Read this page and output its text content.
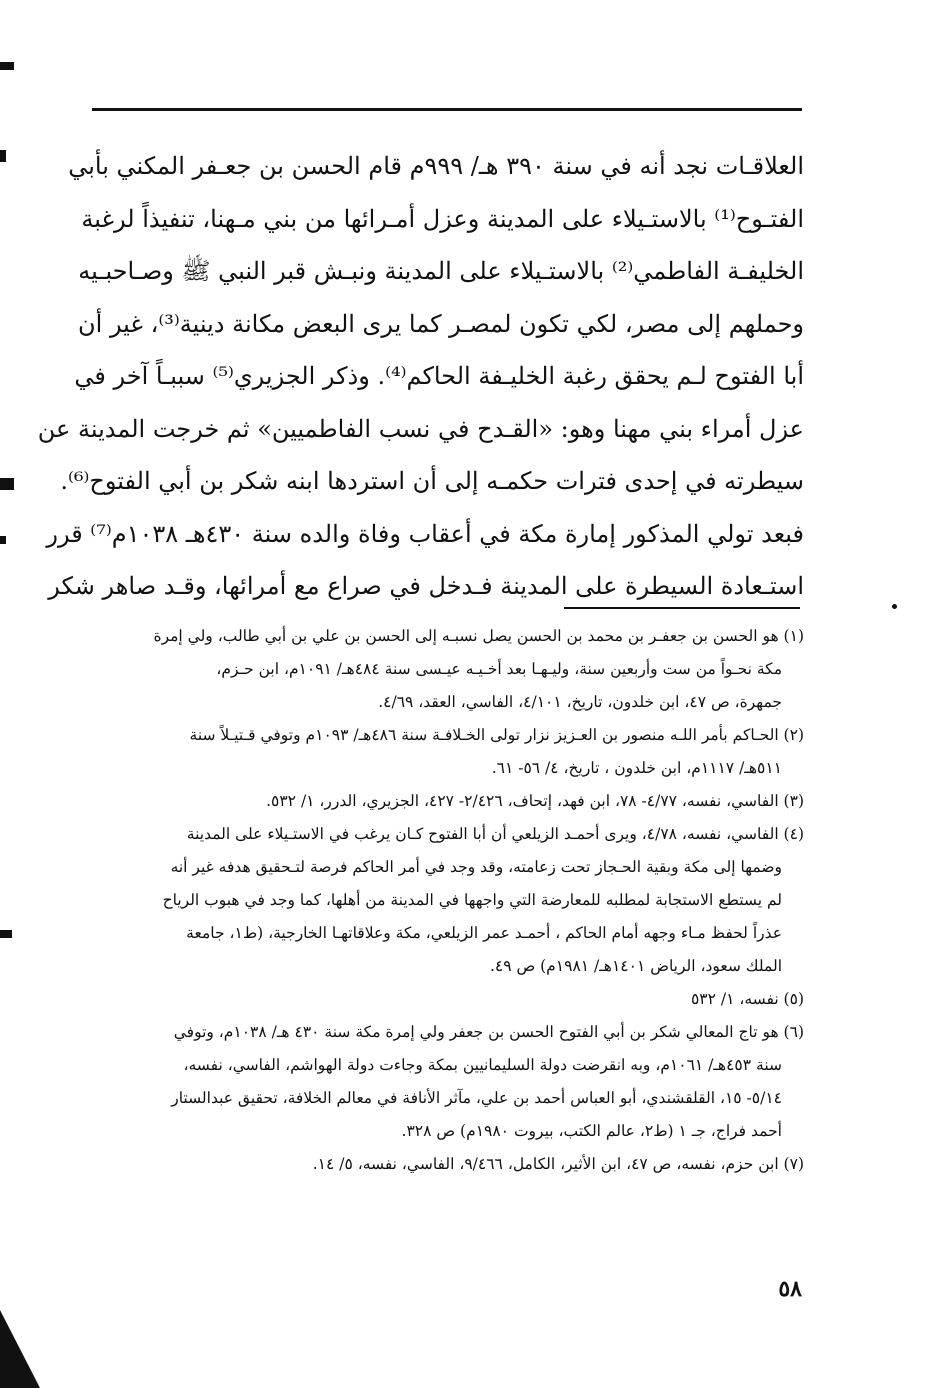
العلاقـات نجد أنه في سنة ٣٩٠ هـ/ ٩٩٩م قام الحسن بن جعـفر المكني بأبي
الفتـوح⁽¹⁾ بالاستـيلاء على المدينة وعزل أمـرائها من بني مـهنا، تنفيذاً لرغبة
الخليفـة الفاطمي⁽²⁾ بالاستـيلاء على المدينة ونبـش قبر النبي ﷺ وصـاحبـيه
وحملهم إلى مصر، لكي تكون لمصـر كما يرى البعض مكانة دينية⁽³⁾، غير أن
أبا الفتوح لـم يحقق رغبة الخليـفة الحاكم⁽⁴⁾. وذكر الجزيري⁽⁵⁾ سببـاً آخر في
عزل أمراء بني مهنا وهو: «القـدح في نسب الفاطميين» ثم خرجت المدينة عن
سيطرته في إحدى فترات حكمـه إلى أن استردها ابنه شكر بن أبي الفتوح⁽⁶⁾.
فبعد تولي المذكور إمارة مكة في أعقاب وفاة والده سنة ٤٣٠هـ ١٠٣٨م⁽⁷⁾ قرر
استـعادة السيطرة على المدينة فـدخل في صراع مع أمرائها، وقـد صاهر شكر
(١) هو الحسن بن جعفـر بن محمد بن الحسن يصل نسبـه إلى الحسن بن علي بن أبي طالب، ولي إمرة
مكة نحـواً من ست وأربعين سنة، وليـهـا بعد أخـيـه عيـسى سنة ٤٨٤هـ/ ١٠٩١م، ابن حـزم،
جمهرة، ص ٤٧، ابن خلدون، تاريخ، ٤/١٠١، الفاسي، العقد، ٤/٦٩.
(٢) الحـاكم بأمر اللـه منصور بن العـزيز نزار تولى الخـلافـة سنة ٤٨٦هـ/ ١٠٩٣م وتوفي قـتيـلاً سنة
٥١١هـ/ ١١١٧م، ابن خلدون ، تاريخ، ٤/ ٥٦- ٦١.
(٣) الفاسي، نفسه، ٤/٧٧- ٧٨، ابن فهد، إتحاف، ٢/٤٢٦- ٤٢٧، الجزيري، الدرر، ١/ ٥٣٢.
(٤) الفاسي، نفسه، ٤/٧٨، ويرى أحمـد الزيلعي أن أبا الفتوح كـان يرغب في الاستـيلاء على المدينة
وضمها إلى مكة وبقية الحـجاز تحت زعامته، وقد وجد في أمر الحاكم فرصة لتـحقيق هدفه غير أنه
لم يستطع الاستجابة لمطلبه للمعارضة التي واجهها في المدينة من أهلها، كما وجد في هبوب الرياح
عذراً لحفظ مـاء وجهه أمام الحاكم ، أحمـد عمر الزيلعي، مكة وعلاقاتهـا الخارجية، (ط١، جامعة
الملك سعود، الرياض ١٤٠١هـ/ ١٩٨١م) ص ٤٩.
(٥) نفسه، ١/ ٥٣٢
(٦) هو تاج المعالي شكر بن أبي الفتوح الحسن بن جعفر ولي إمرة مكة سنة ٤٣٠ هـ/ ١٠٣٨م، وتوفي
سنة ٤٥٣هـ/ ١٠٦١م، وبه انقرضت دولة السليمانيين بمكة وجاءت دولة الهواشم، الفاسي، نفسه،
٥/١٤- ١٥، القلقشندي، أبو العباس أحمد بن علي، مآثر الأنافة في معالم الخلافة، تحقيق عبدالستار
أحمد فراج، جـ ١ (ط٢، عالم الكتب، بيروت ١٩٨٠م) ص ٣٢٨.
(٧) ابن حزم، نفسه، ص ٤٧، ابن الأثير، الكامل، ٩/٤٦٦، الفاسي، نفسه، ٥/ ١٤.
٥٨
